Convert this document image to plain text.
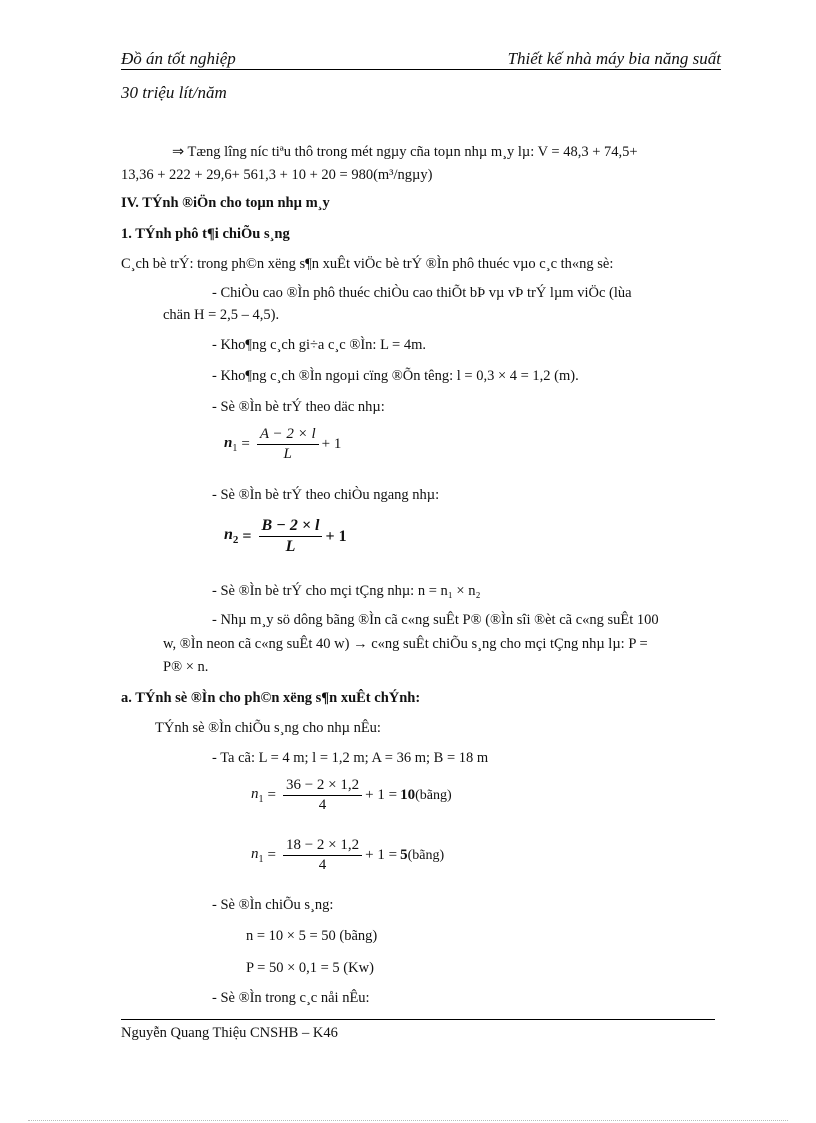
Đồ án tốt nghiệp	Thiết kế nhà máy bia năng suất
30 triệu lít/năm
⇒ Tæng lîng níc tiªu thô trong mét ngµy cña toµn nhµ m¸y lµ: V = 48,3 + 74,5+
13,36 + 222 + 29,6+ 561,3 + 10 + 20 = 980(m³/ngµy)
IV. TÝnh ®iÖn cho toµn nhµ m¸y
1. TÝnh phô t¶i chiÕu s¸ng
C¸ch bè trÝ: trong ph©n xëng s¶n xuÊt viÖc bè trÝ ®Ìn phô thuéc vµo c¸c th«ng sè:
- ChiÒu cao ®Ìn phô thuéc chiÒu cao thiÕt bÞ vµ vÞ trÝ lµm viÖc (lùa
chän H = 2,5 – 4,5).
- Kho¶ng c¸ch gi÷a c¸c ®Ìn: L = 4m.
- Kho¶ng c¸ch ®Ìn ngoµi cïng ®Õn têng: l = 0,3 × 4 = 1,2 (m).
- Sè ®Ìn bè trÝ theo däc nhµ:
$n_1 = \frac{A - 2 \times l}{L} + 1$
- Sè ®Ìn bè trÝ theo chiÒu ngang nhµ:
$n_2 = \frac{B - 2 \times l}{L} + 1$
- Sè ®Ìn bè trÝ cho mçi tÇng nhµ: n = n₁ × n₂
- Nhµ m¸y sö dông bãng ®Ìn cã c«ng suÊt P® (®Ìn sîi ®èt cã c«ng suÊt 100
w, ®Ìn neon cã c«ng suÊt 40 w) → c«ng suÊt chiÕu s¸ng cho mçi tÇng nhµ lµ: P =
P® × n.
a. TÝnh sè ®Ìn cho ph©n xëng s¶n xuÊt chÝnh:
TÝnh sè ®Ìn chiÕu s¸ng cho nhµ nÊu:
- Ta cã: L = 4 m; l = 1,2 m; A = 36 m; B = 18 m
$n_1 = \frac{36 - 2 \times 1,2}{4} + 1 = 10$ (bãng)
$n_1 = \frac{18 - 2 \times 1,2}{4} + 1 = 5$ (bãng)
- Sè ®Ìn chiÕu s¸ng:
n = 10 × 5 = 50 (bãng)
P = 50 × 0,1 = 5 (Kw)
- Sè ®Ìn trong c¸c nåi nÊu:
Nguyễn Quang Thiệu CNSHB – K46
